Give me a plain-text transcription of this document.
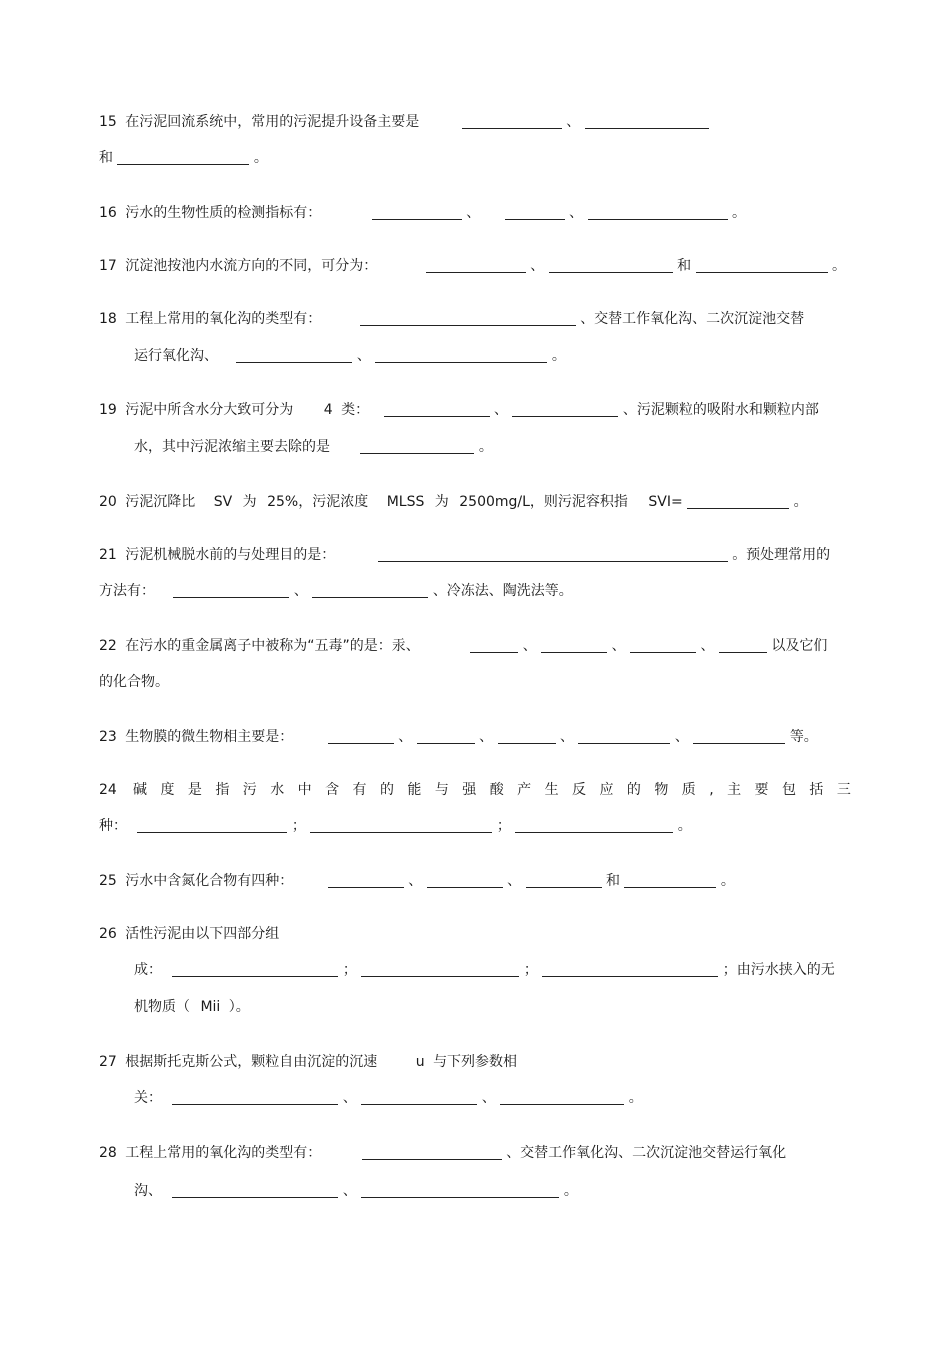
15 在污泥回流系统中，常用的污泥提升设备主要是	、
和	。
16 污水的生物性质的检测指标有：	、	、	。
17 沉淀池按池内水流方向的不同，可分为：	、	和	。
18 工程上常用的氧化沟的类型有：	、交替工作氧化沟、二次沉淀池交替
运行氧化沟、	、	。
19 污泥中所含水分大致可分为 4 类：	、	、污泥颗粒的吸附水和颗粒内部
水，其中污泥浓缩主要去除的是	。
20 污泥沉降比 SV 为 25%，污泥浓度 MLSS 为 2500mg/L，则污泥容积指 SVI=	。
21 污泥机械脱水前的与处理目的是：	。预处理常用的
方法有：	、	、冷冻法、陶洗法等。
22 在污水的重金属离子中被称为“五毒”的是：汞、	、	、	、	以及它们
的化合物。
23 生物膜的微生物相主要是：	、	、	、	、	等。
24 碱 度 是 指 污 水 中 含 有 的 能 与 强 酸 产 生 反 应 的 物 质 , 主 要 包 括 三
种：	；	；	。
25 污水中含氮化合物有四种：	、	、	和	。
26 活性污泥由以下四部分组
成：	；	；	；由污水挟入的无
机物质（ Mii ）。
27 根据斯托克斯公式，颗粒自由沉淀的沉速	u 与下列参数相
关：	、	、	。
28 工程上常用的氧化沟的类型有：	、交替工作氧化沟、二次沉淀池交替运行氧化
沟、	、	。
